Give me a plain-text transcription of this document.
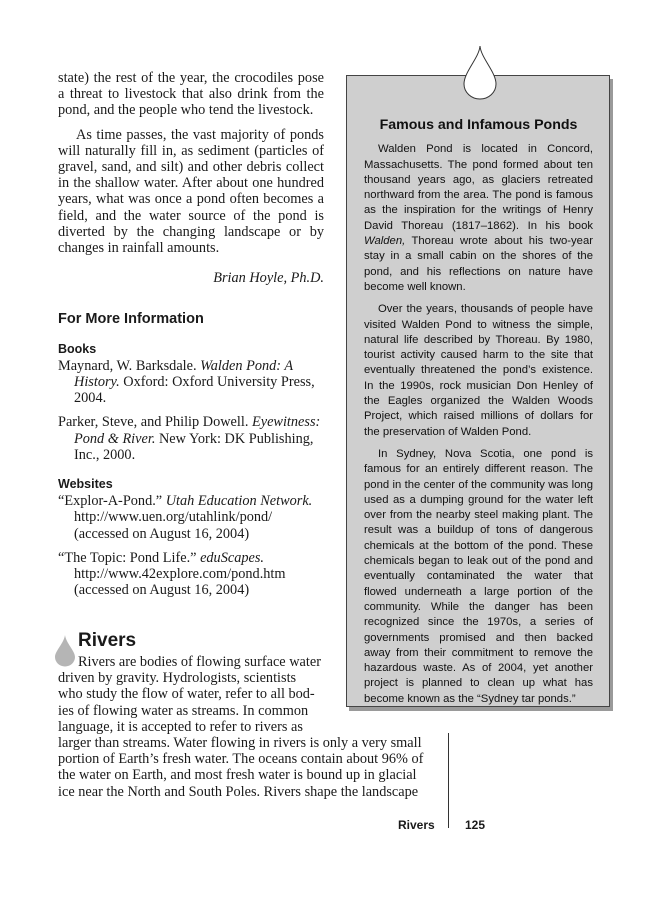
state) the rest of the year, the crocodiles pose a threat to livestock that also drink from the pond, and the people who tend the livestock.

As time passes, the vast majority of ponds will naturally fill in, as sediment (particles of gravel, sand, and silt) and other debris collect in the shallow water. After about one hundred years, what was once a pond often becomes a field, and the water source of the pond is diverted by the changing landscape or by changes in rainfall amounts.

Brian Hoyle, Ph.D.

For More Information

Books

Maynard, W. Barksdale. Walden Pond: A History. Oxford: Oxford University Press, 2004.

Parker, Steve, and Philip Dowell. Eyewitness: Pond & River. New York: DK Publishing, Inc., 2000.

Websites

“Explor-A-Pond.” Utah Education Network.
http://www.uen.org/utahlink/pond/
(accessed on August 16, 2004)

“The Topic: Pond Life.” eduScapes.
http://www.42explore.com/pond.htm
(accessed on August 16, 2004)

Famous and Infamous Ponds

Walden Pond is located in Concord, Massachusetts. The pond formed about ten thousand years ago, as glaciers retreated northward from the area. The pond is famous as the inspiration for the writings of Henry David Thoreau (1817–1862). In his book Walden, Thoreau wrote about his two-year stay in a small cabin on the shores of the pond, and his reflections on nature have become well known.

Over the years, thousands of people have visited Walden Pond to witness the simple, natural life described by Thoreau. By 1980, tourist activity caused harm to the site that eventually threatened the pond’s existence. In the 1990s, rock musician Don Henley of the Eagles organized the Walden Woods Project, which raised millions of dollars for the preservation of Walden Pond.

In Sydney, Nova Scotia, one pond is famous for an entirely different reason. The pond in the center of the community was long used as a dumping ground for the water left over from the nearby steel making plant. The result was a buildup of tons of dangerous chemicals at the bottom of the pond. These chemicals began to leak out of the pond and eventually contaminated the water that flowed underneath a large portion of the community. While the danger has been recognized since the 1970s, a series of governments promised and then backed away from their commitment to remove the hazardous waste. As of 2004, yet another project is planned to clean up what has become known as the “Sydney tar ponds.”

Rivers

Rivers are bodies of flowing surface water
driven by gravity. Hydrologists, scientists
who study the flow of water, refer to all bod-
ies of flowing water as streams. In common
language, it is accepted to refer to rivers as

larger than streams. Water flowing in rivers is only a very small
portion of Earth’s fresh water. The oceans contain about 96% of
the water on Earth, and most fresh water is bound up in glacial
ice near the North and South Poles. Rivers shape the landscape

Rivers	125
